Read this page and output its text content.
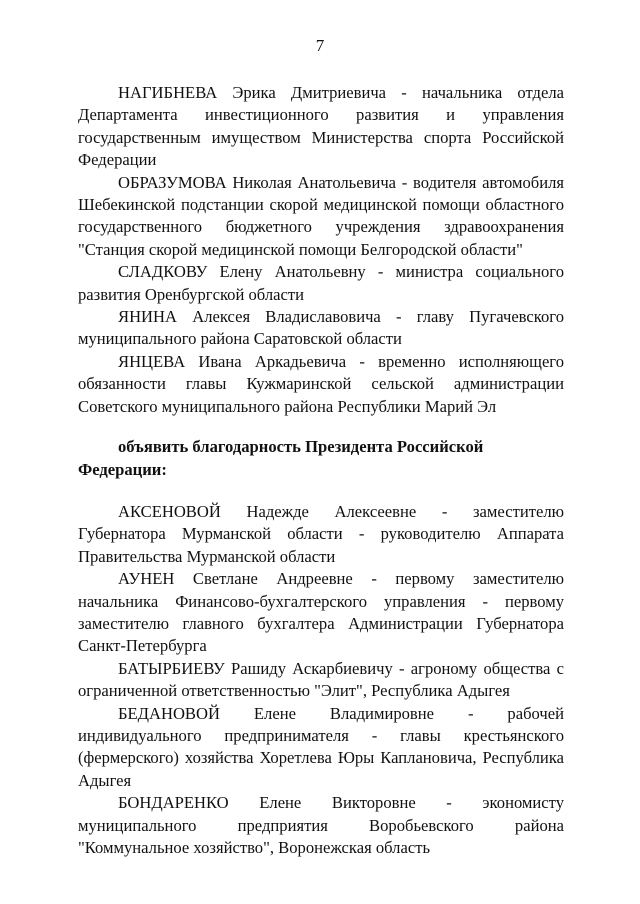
7

НАГИБНЕВА Эрика Дмитриевича - начальника отдела Департамента инвестиционного развития и управления государственным имуществом Министерства спорта Российской Федерации

ОБРАЗУМОВА Николая Анатольевича - водителя автомобиля Шебекинской подстанции скорой медицинской помощи областного государственного бюджетного учреждения здравоохранения "Станция скорой медицинской помощи Белгородской области"

СЛАДКОВУ Елену Анатольевну - министра социального развития Оренбургской области

ЯНИНА Алексея Владиславовича - главу Пугачевского муниципального района Саратовской области

ЯНЦЕВА Ивана Аркадьевича - временно исполняющего обязанности главы Кужмаринской сельской администрации Советского муниципального района Республики Марий Эл

объявить благодарность Президента Российской Федерации:

АКСЕНОВОЙ Надежде Алексеевне - заместителю Губернатора Мурманской области - руководителю Аппарата Правительства Мурманской области

АУНЕН Светлане Андреевне - первому заместителю начальника Финансово-бухгалтерского управления - первому заместителю главного бухгалтера Администрации Губернатора Санкт-Петербурга

БАТЫРБИЕВУ Рашиду Аскарбиевичу - агроному общества с ограниченной ответственностью "Элит", Республика Адыгея

БЕДАНОВОЙ Елене Владимировне - рабочей индивидуального предпринимателя - главы крестьянского (фермерского) хозяйства Хоретлева Юры Каплановича, Республика Адыгея

БОНДАРЕНКО Елене Викторовне - экономисту муниципального предприятия Воробьевского района "Коммунальное хозяйство", Воронежская область
